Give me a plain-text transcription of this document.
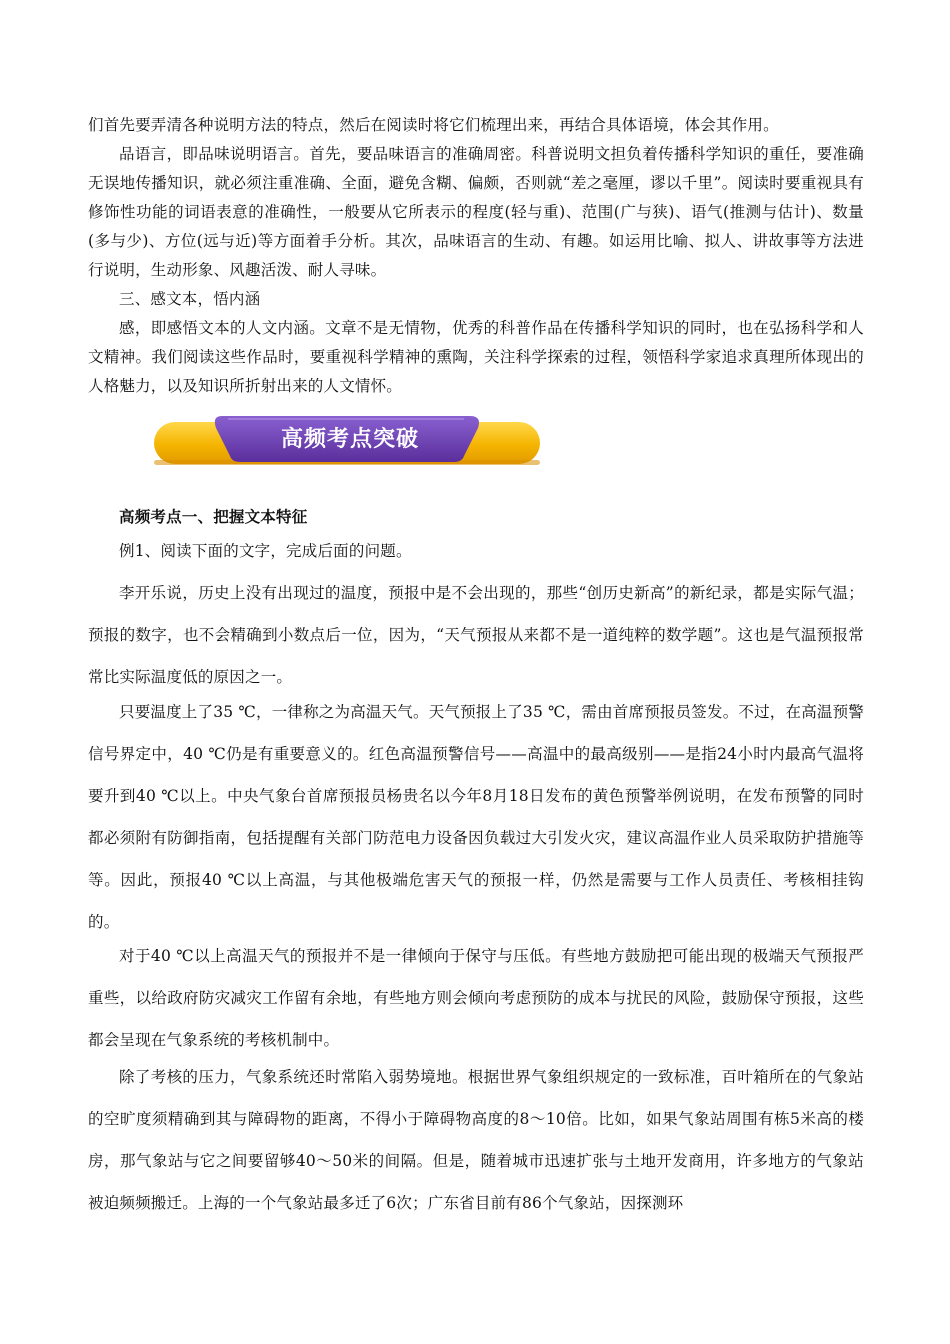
们首先要弄清各种说明方法的特点，然后在阅读时将它们梳理出来，再结合具体语境，体会其作用。

品语言，即品味说明语言。首先，要品味语言的准确周密。科普说明文担负着传播科学知识的重任，要准确无误地传播知识，就必须注重准确、全面，避免含糊、偏颇，否则就“差之毫厘，谬以千里”。阅读时要重视具有修饰性功能的词语表意的准确性，一般要从它所表示的程度(轻与重)、范围(广与狭)、语气(推测与估计)、数量(多与少)、方位(远与近)等方面着手分析。其次，品味语言的生动、有趣。如运用比喻、拟人、讲故事等方法进行说明，生动形象、风趣活泼、耐人寻味。

三、感文本，悟内涵

感，即感悟文本的人文内涵。文章不是无情物，优秀的科普作品在传播科学知识的同时，也在弘扬科学和人文精神。我们阅读这些作品时，要重视科学精神的熏陶，关注科学探索的过程，领悟科学家追求真理所体现出的人格魅力，以及知识所折射出来的人文情怀。

高频考点突破

高频考点一、把握文本特征

例1、阅读下面的文字，完成后面的问题。

李开乐说，历史上没有出现过的温度，预报中是不会出现的，那些“创历史新高”的新纪录，都是实际气温；预报的数字，也不会精确到小数点后一位，因为，“天气预报从来都不是一道纯粹的数学题”。这也是气温预报常常比实际温度低的原因之一。

只要温度上了35 ℃，一律称之为高温天气。天气预报上了35 ℃，需由首席预报员签发。不过，在高温预警信号界定中，40 ℃仍是有重要意义的。红色高温预警信号——高温中的最高级别——是指24小时内最高气温将要升到40 ℃以上。中央气象台首席预报员杨贵名以今年8月18日发布的黄色预警举例说明，在发布预警的同时都必须附有防御指南，包括提醒有关部门防范电力设备因负载过大引发火灾，建议高温作业人员采取防护措施等等。因此，预报40 ℃以上高温，与其他极端危害天气的预报一样，仍然是需要与工作人员责任、考核相挂钩的。

对于40 ℃以上高温天气的预报并不是一律倾向于保守与压低。有些地方鼓励把可能出现的极端天气预报严重些，以给政府防灾减灾工作留有余地，有些地方则会倾向考虑预防的成本与扰民的风险，鼓励保守预报，这些都会呈现在气象系统的考核机制中。

除了考核的压力，气象系统还时常陷入弱势境地。根据世界气象组织规定的一致标准，百叶箱所在的气象站的空旷度须精确到其与障碍物的距离，不得小于障碍物高度的8～10倍。比如，如果气象站周围有栋5米高的楼房，那气象站与它之间要留够40～50米的间隔。但是，随着城市迅速扩张与土地开发商用，许多地方的气象站被迫频频搬迁。上海的一个气象站最多迁了6次；广东省目前有86个气象站，因探测环
